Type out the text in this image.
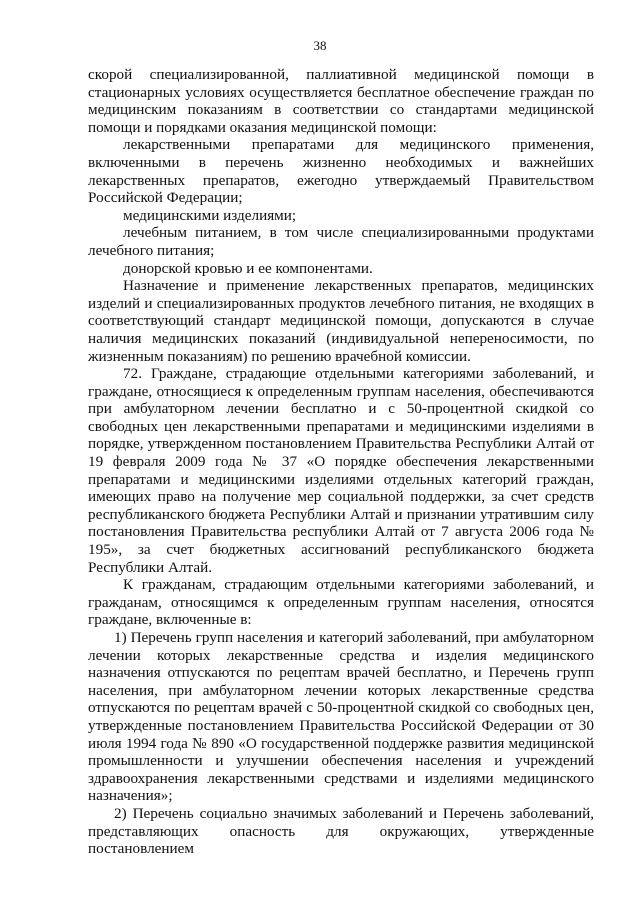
38

скорой специализированной, паллиативной медицинской помощи в стационарных условиях осуществляется бесплатное обеспечение граждан по медицинским показаниям в соответствии со стандартами медицинской помощи и порядками оказания медицинской помощи:

лекарственными препаратами для медицинского применения, включенными в перечень жизненно необходимых и важнейших лекарственных препаратов, ежегодно утверждаемый Правительством Российской Федерации;

медицинскими изделиями;

лечебным питанием, в том числе специализированными продуктами лечебного питания;

донорской кровью и ее компонентами.

Назначение и применение лекарственных препаратов, медицинских изделий и специализированных продуктов лечебного питания, не входящих в соответствующий стандарт медицинской помощи, допускаются в случае наличия медицинских показаний (индивидуальной непереносимости, по жизненным показаниям) по решению врачебной комиссии.

72. Граждане, страдающие отдельными категориями заболеваний, и граждане, относящиеся к определенным группам населения, обеспечиваются при амбулаторном лечении бесплатно и с 50-процентной скидкой со свободных цен лекарственными препаратами и медицинскими изделиями в порядке, утвержденном постановлением Правительства Республики Алтай от 19 февраля 2009 года № 37 «О порядке обеспечения лекарственными препаратами и медицинскими изделиями отдельных категорий граждан, имеющих право на получение мер социальной поддержки, за счет средств республиканского бюджета Республики Алтай и признании утратившим силу постановления Правительства республики Алтай от 7 августа 2006 года № 195», за счет бюджетных ассигнований республиканского бюджета Республики Алтай.

К гражданам, страдающим отдельными категориями заболеваний, и гражданам, относящимся к определенным группам населения, относятся граждане, включенные в:

1) Перечень групп населения и категорий заболеваний, при амбулаторном лечении которых лекарственные средства и изделия медицинского назначения отпускаются по рецептам врачей бесплатно, и Перечень групп населения, при амбулаторном лечении которых лекарственные средства отпускаются по рецептам врачей с 50-процентной скидкой со свободных цен, утвержденные постановлением Правительства Российской Федерации от 30 июля 1994 года № 890 «О государственной поддержке развития медицинской промышленности и улучшении обеспечения населения и учреждений здравоохранения лекарственными средствами и изделиями медицинского назначения»;

2) Перечень социально значимых заболеваний и Перечень заболеваний, представляющих опасность для окружающих, утвержденные постановлением
